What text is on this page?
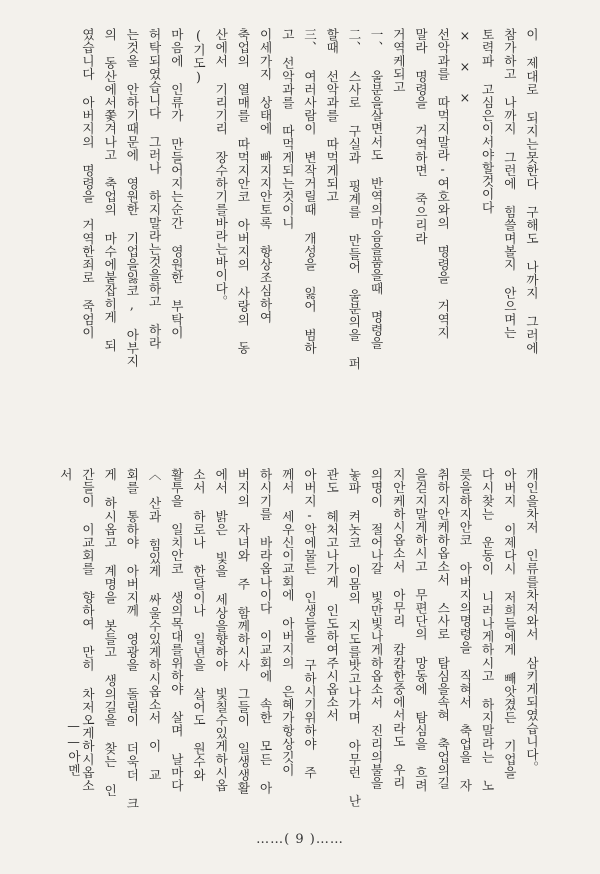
이 제대로 되지는못한다 구해도 나까지 그러에
참가하고 나까지 그런에 힘쓸며볼지 안으며는
토력파 고심은이서야할것이다
× × ×
선악과를 따먹지말라-여호와의 명령을 거역지
말라 명령을 거역하면 죽으리라
거역케되고
一、 울분을살면서도 반역의마음을품을때 명령을
二、 스사로 구실과 핑계를 만들어 울분의을 퍼
할때 선악과를 따먹게되고
三、 여러사람이 변작거릴때 개성을 잃어 범하
고 선악과를 따먹게되는것이니
이세가지 상태에 빠지지안토록 항상조심하여
축업의 열매를 따먹지안코 아버지의 사랑의 동
산에서 기리기리 장수하기를바라는바이다。
(기도)
마음에 인류가 만들어지는순간 영원한 부탁이
허탁되였습니다 그러나 하지말라는것을하고 하라
는것을 안하기때문에 영원한 기업을잃코, 아부지
의 동산에서쫓겨나고 축업의 마수에붙잡히게 되
였습니다 아버지의 명령을 거역한죄로 죽엄이
개인을차저 인류를차저와서 삼키게되였습니다。
아버지 이제다시 저희들에게 빼앗겼든 기업을
다시찾는 운동이 니러나게하시고 하지말라는 노
릇을하지안코 아버지의명령을 직혀서 축업을 자
취하지안케하옵소서 스사로 탐심을속혀 축업의길
을걷지말게하시고 무편단의 망동에 탐심을 흐려
지안케하시옵소서 아무리 캄캄한중에서라도 우리
의명이 절어나갈 빛만빛나게하옵소서 진리의불을
놓파 켜놋코 이몸의 지도를밧고나가며 아무런 난
관도 헤처고나가게 인도하여주시옵소서
아버지-악에물든 인생들을 구하시기위하야 주
께서 세우신이교회에 아버지의 은혜가항상깃이
하시기를 바라옵나이다 이교회에 속한 모든 아
버지의 자녀와 주 함께하시사 그들이 일생생활
에서 밝은 빛을 세상을향하야 빛칠수있게하시옵
소서 하로나 한달이나 일년을 살어도 원수와
활투을 일치안코 생의목대를위하야 살며 날마다
〈 산과 힘있게 싸울수있게하시옵소서 이 교
회를 통하야 아버지께 영광을 돌림이 더욱더 크
게 하시옵고 계명을 봇들고 생의길을 찾는 인
간들이 이교회를 향하여 만히 차저오게하시옵소
서
—— 아멘
……( 9 )……
